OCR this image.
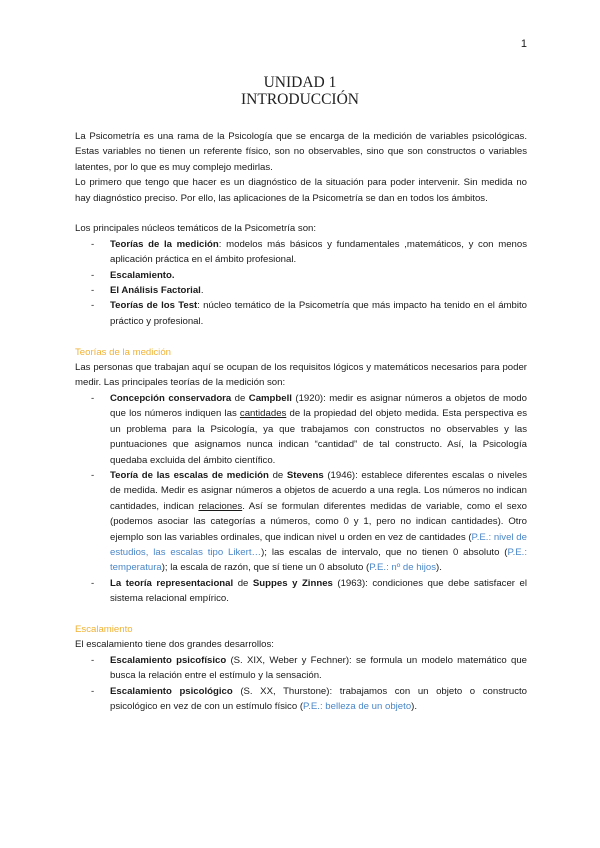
1
UNIDAD 1
INTRODUCCIÓN

La Psicometría es una rama de la Psicología que se encarga de la medición de variables psicológicas. Estas variables no tienen un referente físico, son no observables, sino que son constructos o variables latentes, por lo que es muy complejo medirlas.

Lo primero que tengo que hacer es un diagnóstico de la situación para poder intervenir. Sin medida no hay diagnóstico preciso. Por ello, las aplicaciones de la Psicometría se dan en todos los ámbitos.

Los principales núcleos temáticos de la Psicometría son:

- Teorías de la medición: modelos más básicos y fundamentales ,matemáticos, y con menos aplicación práctica en el ámbito profesional.
- Escalamiento.
- El Análisis Factorial.
- Teorías de los Test: núcleo temático de la Psicometría que más impacto ha tenido en el ámbito práctico y profesional.

Teorías de la medición

Las personas que trabajan aquí se ocupan de los requisitos lógicos y matemáticos necesarios para poder medir. Las principales teorías de la medición son:

- Concepción conservadora de Campbell (1920): medir es asignar números a objetos de modo que los números indiquen las cantidades de la propiedad del objeto medida. Esta perspectiva es un problema para la Psicología, ya que trabajamos con constructos no observables y las puntuaciones que asignamos nunca indican “cantidad” de tal constructo. Así, la Psicología quedaba excluida del ámbito científico.
- Teoría de las escalas de medición de Stevens (1946): establece diferentes escalas o niveles de medida. Medir es asignar números a objetos de acuerdo a una regla. Los números no indican cantidades, indican relaciones. Así se formulan diferentes medidas de variable, como el sexo (podemos asociar las categorías a números, como 0 y 1, pero no indican cantidades). Otro ejemplo son las variables ordinales, que indican nivel u orden en vez de cantidades (P.E.: nivel de estudios, las escalas tipo Likert…); las escalas de intervalo, que no tienen 0 absoluto (P.E.: temperatura); la escala de razón, que sí tiene un 0 absoluto (P.E.: nº de hijos).
- La teoría representacional de Suppes y Zinnes (1963): condiciones que debe satisfacer el sistema relacional empírico.

Escalamiento

El escalamiento tiene dos grandes desarrollos:

- Escalamiento psicofísico (S. XIX, Weber y Fechner): se formula un modelo matemático que busca la relación entre el estímulo y la sensación.
- Escalamiento psicológico (S. XX, Thurstone): trabajamos con un objeto o constructo psicológico en vez de con un estímulo físico (P.E.: belleza de un objeto).
